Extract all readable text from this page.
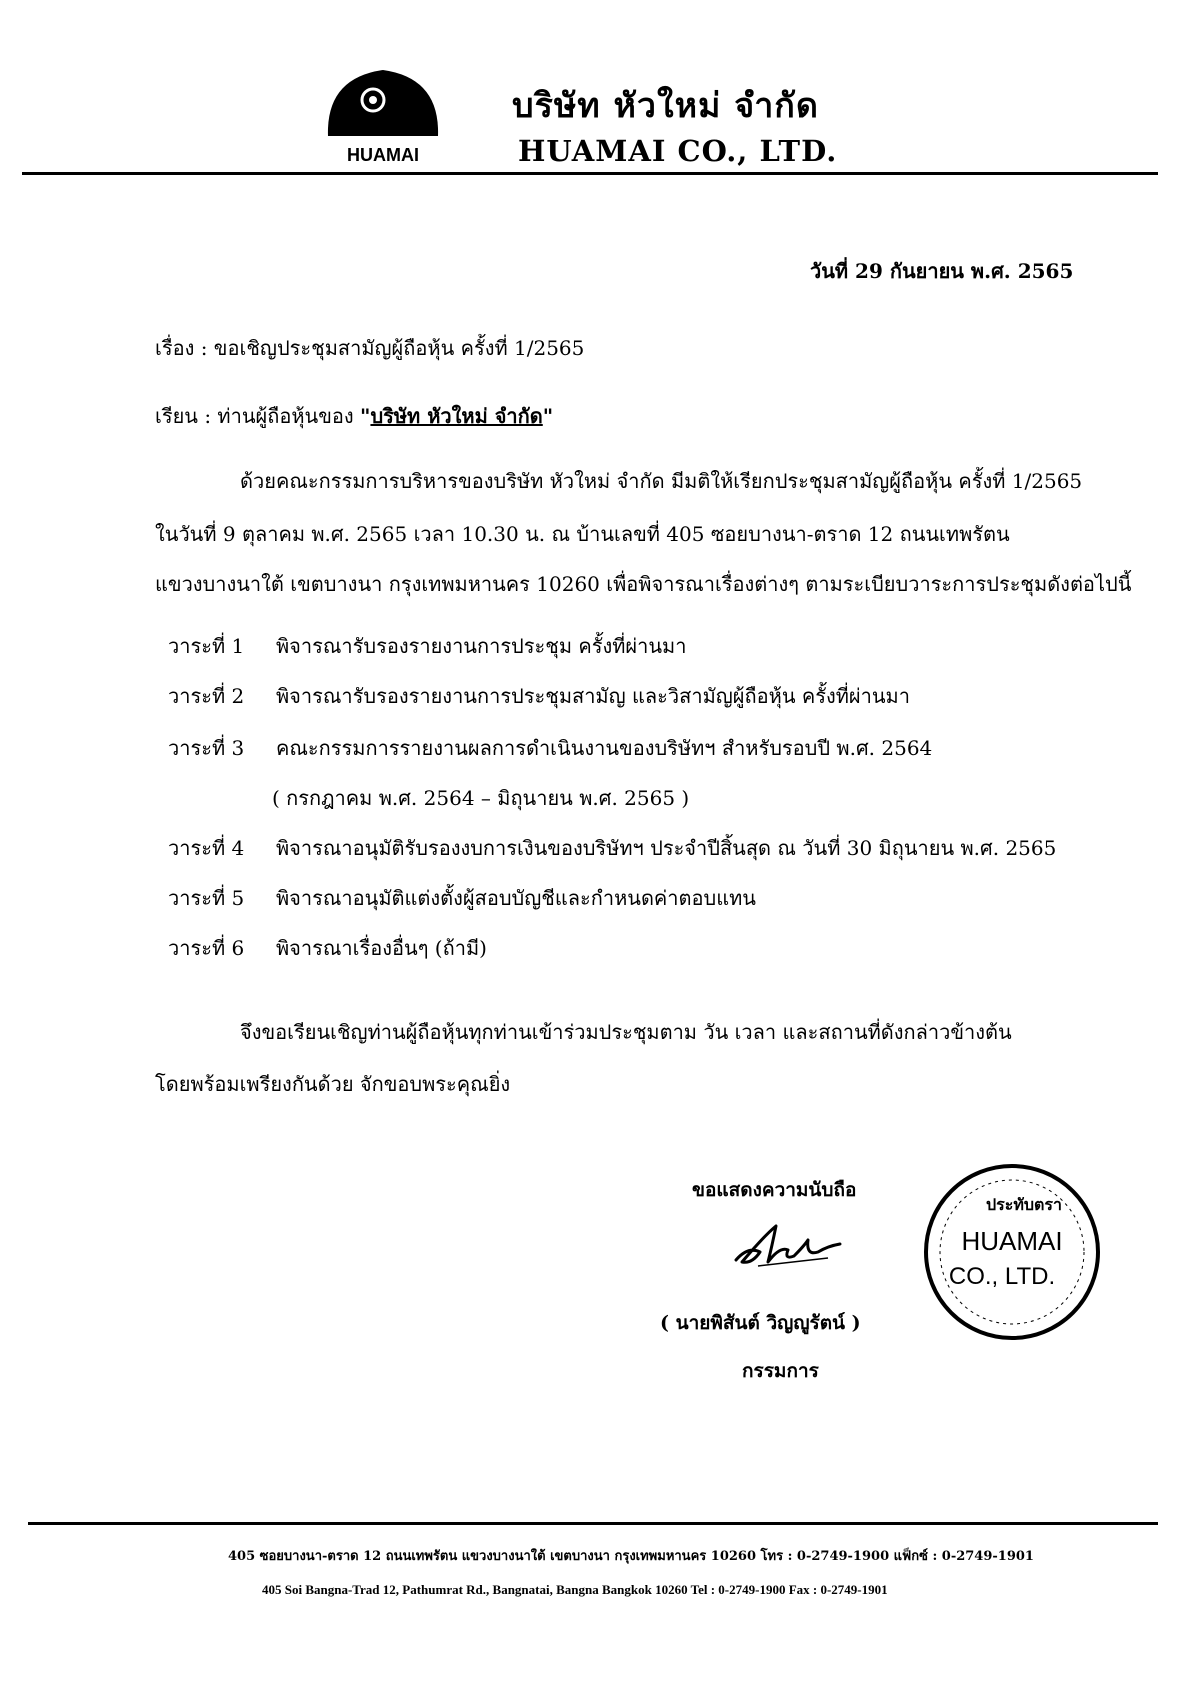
HUAMAI
บริษัท หัวใหม่ จำกัด
HUAMAI CO., LTD.
วันที่ 29 กันยายน พ.ศ. 2565
เรื่อง : ขอเชิญประชุมสามัญผู้ถือหุ้น ครั้งที่ 1/2565
เรียน : ท่านผู้ถือหุ้นของ "บริษัท หัวใหม่ จำกัด"
ด้วยคณะกรรมการบริหารของบริษัท หัวใหม่ จำกัด มีมติให้เรียกประชุมสามัญผู้ถือหุ้น ครั้งที่ 1/2565
ในวันที่ 9 ตุลาคม พ.ศ. 2565 เวลา 10.30 น. ณ บ้านเลขที่ 405 ซอยบางนา-ตราด 12 ถนนเทพรัตน
แขวงบางนาใต้ เขตบางนา กรุงเทพมหานคร 10260 เพื่อพิจารณาเรื่องต่างๆ ตามระเบียบวาระการประชุมดังต่อไปนี้
วาระที่ 1 พิจารณารับรองรายงานการประชุม ครั้งที่ผ่านมา
วาระที่ 2 พิจารณารับรองรายงานการประชุมสามัญ และวิสามัญผู้ถือหุ้น ครั้งที่ผ่านมา
วาระที่ 3 คณะกรรมการรายงานผลการดำเนินงานของบริษัทฯ สำหรับรอบปี พ.ศ. 2564
วาระที่ 4 พิจารณาอนุมัติรับรองงบการเงินของบริษัทฯ ประจำปีสิ้นสุด ณ วันที่ 30 มิถุนายน พ.ศ. 2565
วาระที่ 5 พิจารณาอนุมัติแต่งตั้งผู้สอบบัญชีและกำหนดค่าตอบแทน
วาระที่ 6 พิจารณาเรื่องอื่นๆ (ถ้ามี)
( กรกฎาคม พ.ศ. 2564 – มิถุนายน พ.ศ. 2565 )
จึงขอเรียนเชิญท่านผู้ถือหุ้นทุกท่านเข้าร่วมประชุมตาม วัน เวลา และสถานที่ดังกล่าวข้างต้น
โดยพร้อมเพรียงกันด้วย จักขอบพระคุณยิ่ง
ขอแสดงความนับถือ
( นายพิสันต์ วิญญูรัตน์ )
กรรมการ
ประทับตรา
HUAMAI
CO., LTD.
405 ซอยบางนา-ตราด 12 ถนนเทพรัตน แขวงบางนาใต้ เขตบางนา กรุงเทพมหานคร 10260 โทร : 0-2749-1900 แฟ็กซ์ : 0-2749-1901
405 Soi Bangna-Trad 12, Pathumrat Rd., Bangnatai, Bangna Bangkok 10260 Tel : 0-2749-1900 Fax : 0-2749-1901
